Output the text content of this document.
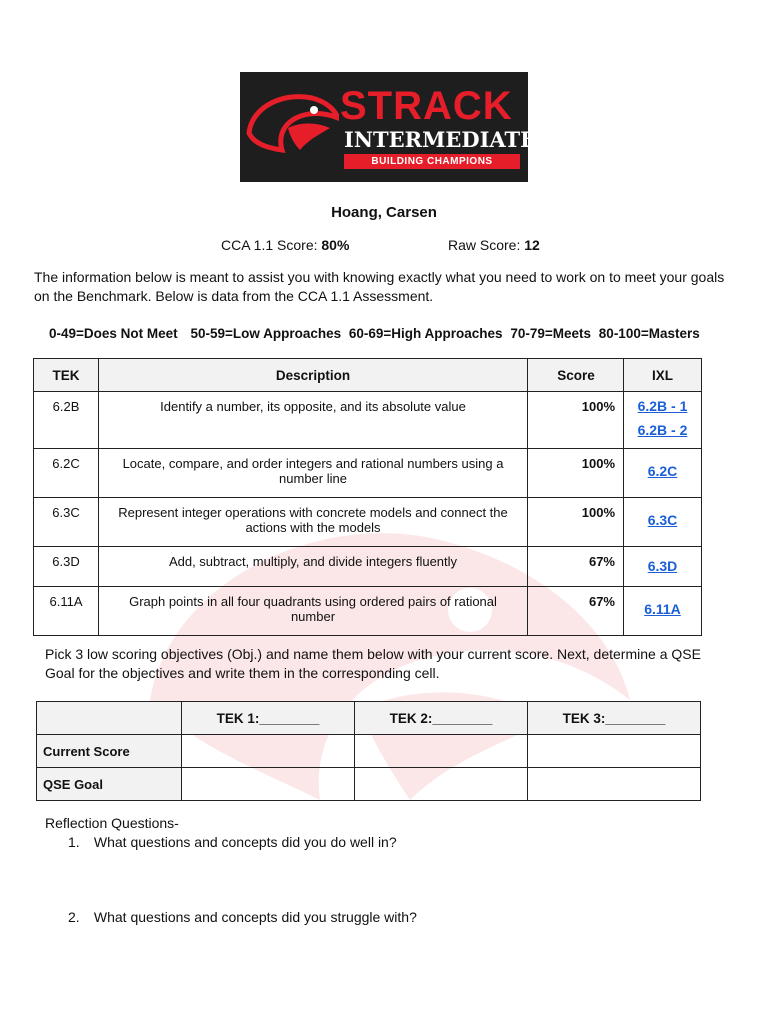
STRACK
INTERMEDIATE
BUILDING CHAMPIONS
Hoang, Carsen
CCA 1.1 Score: 80%	Raw Score: 12
The information below is meant to assist you with knowing exactly what you need to work on to meet your goals on the Benchmark. Below is data from the CCA 1.1 Assessment.
0-49=Does Not Meet 50-59=Low Approaches 60-69=High Approaches 70-79=Meets 80-100=Masters
TEK	Description	Score	IXL
6.2B	Identify a number, its opposite, and its absolute value	100%	6.2B - 1
6.2B - 2

6.2C	Locate, compare, and order integers and rational numbers using a number line	100%	6.2C

6.3C	Represent integer operations with concrete models and connect the actions with the models	100%	6.3C

6.3D	Add, subtract, multiply, and divide integers fluently	67%	6.3D

6.11A	Graph points in all four quadrants using ordered pairs of rational number	67%	6.11A
Pick 3 low scoring objectives (Obj.) and name them below with your current score. Next, determine a QSE Goal for the objectives and write them in the corresponding cell.
	TEK 1:________	TEK 2:________	TEK 3:________
Current Score			
QSE Goal			
Reflection Questions-
1. What questions and concepts did you do well in?
2. What questions and concepts did you struggle with?
